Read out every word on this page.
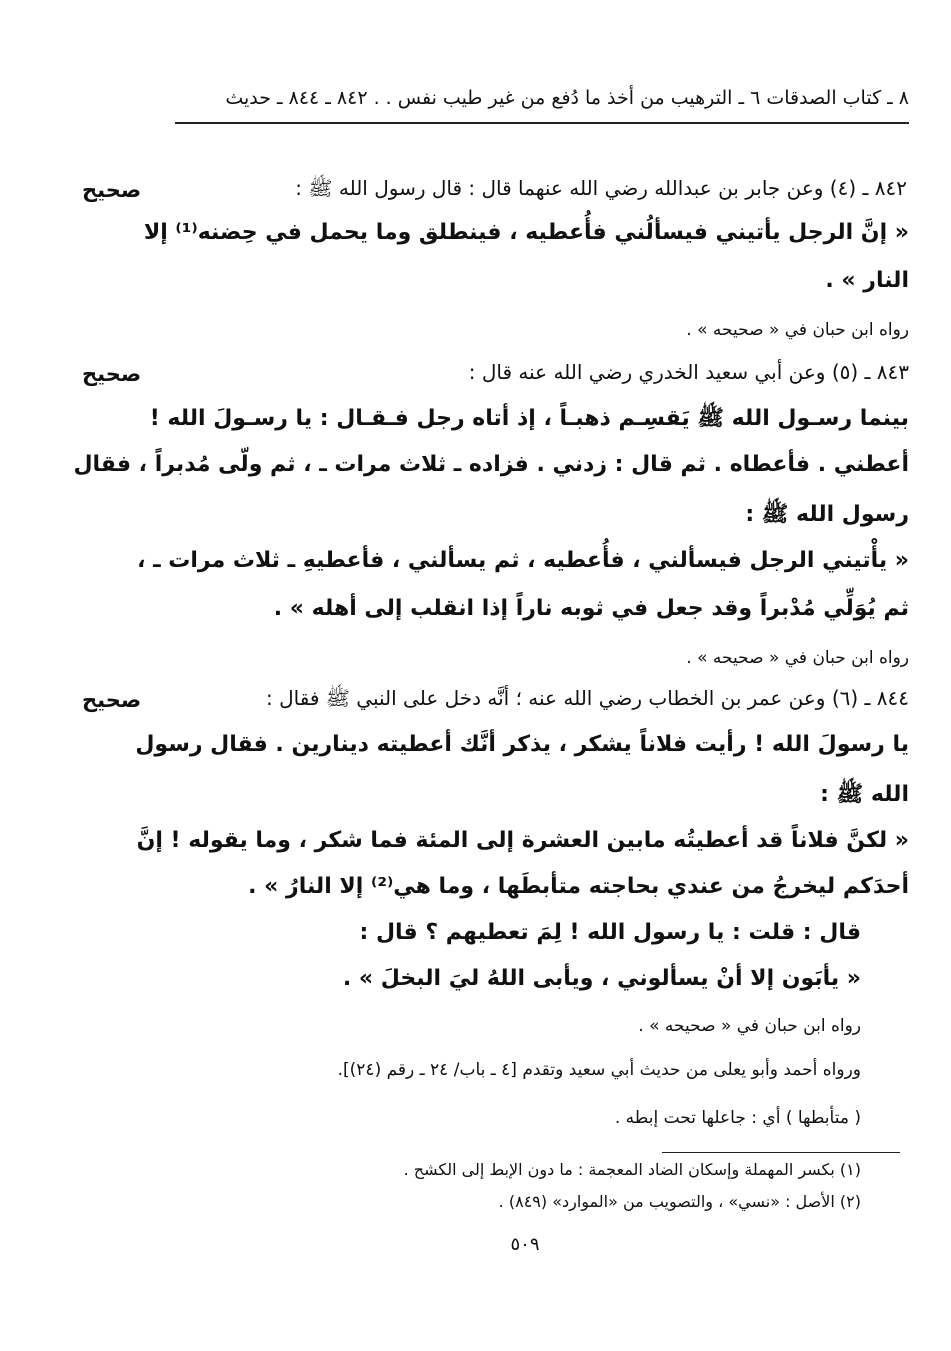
٨ ـ كتاب الصدقات ٦ ـ الترهيب من أخذ ما دُفع من غير طيب نفس . . ٨٤٢ ـ ٨٤٤ ـ حديث
صحيح	٨٤٢ ـ (٤) وعن جابر بن عبدالله رضي الله عنهما قال : قال رسول الله ﷺ :
« إنَّ الرجل يأتيني فيسألُني فأُعطيه ، فينطلق وما يحمل في حِضنه⁽¹⁾ إلا
النار » .
رواه ابن حبان في « صحيحه » .
صحيح	٨٤٣ ـ (٥) وعن أبي سعيد الخدري رضي الله عنه قال :
بينما رسـول الله ﷺ يَقسِـم ذهبـاً ، إذ أتاه رجل فـقـال : يا رسـولَ الله !
أعطني . فأعطاه . ثم قال : زدني . فزاده ـ ثلاث مرات ـ ، ثم ولّى مُدبراً ، فقال
رسول الله ﷺ :
« يأْتيني الرجل فيسألني ، فأُعطيه ، ثم يسألني ، فأعطيهِ ـ ثلاث مرات ـ ،
ثم يُوَلِّي مُدْبراً وقد جعل في ثوبه ناراً إذا انقلب إلى أهله » .
رواه ابن حبان في « صحيحه » .
صحيح	٨٤٤ ـ (٦) وعن عمر بن الخطاب رضي الله عنه ؛ أنَّه دخل على النبي ﷺ فقال :
يا رسولَ الله ! رأيت فلاناً يشكر ، يذكر أنَّك أعطيته دينارين . فقال رسول
الله ﷺ :
« لكنَّ فلاناً قد أعطيتُه مابين العشرة إلى المئة فما شكر ، وما يقوله ! إنَّ
أحدَكم ليخرجُ من عندي بحاجته متأبطَها ، وما هي⁽²⁾ إلا النارُ » .
قال : قلت : يا رسول الله ! لِمَ تعطيهم ؟ قال :
« يأبَون إلا أنْ يسألوني ، ويأبى اللهُ ليَ البخلَ » .
رواه ابن حبان في « صحيحه » .
ورواه أحمد وأبو يعلى من حديث أبي سعيد وتقدم [٤ ـ باب/ ٢٤ ـ رقم (٢٤)].
( متأبطها ) أي : جاعلها تحت إبطه .
(١) بكسر المهملة وإسكان الضاد المعجمة : ما دون الإبط إلى الكشح .
(٢) الأصل : «نسي» ، والتصويب من «الموارد» (٨٤٩) .
٥٠٩
